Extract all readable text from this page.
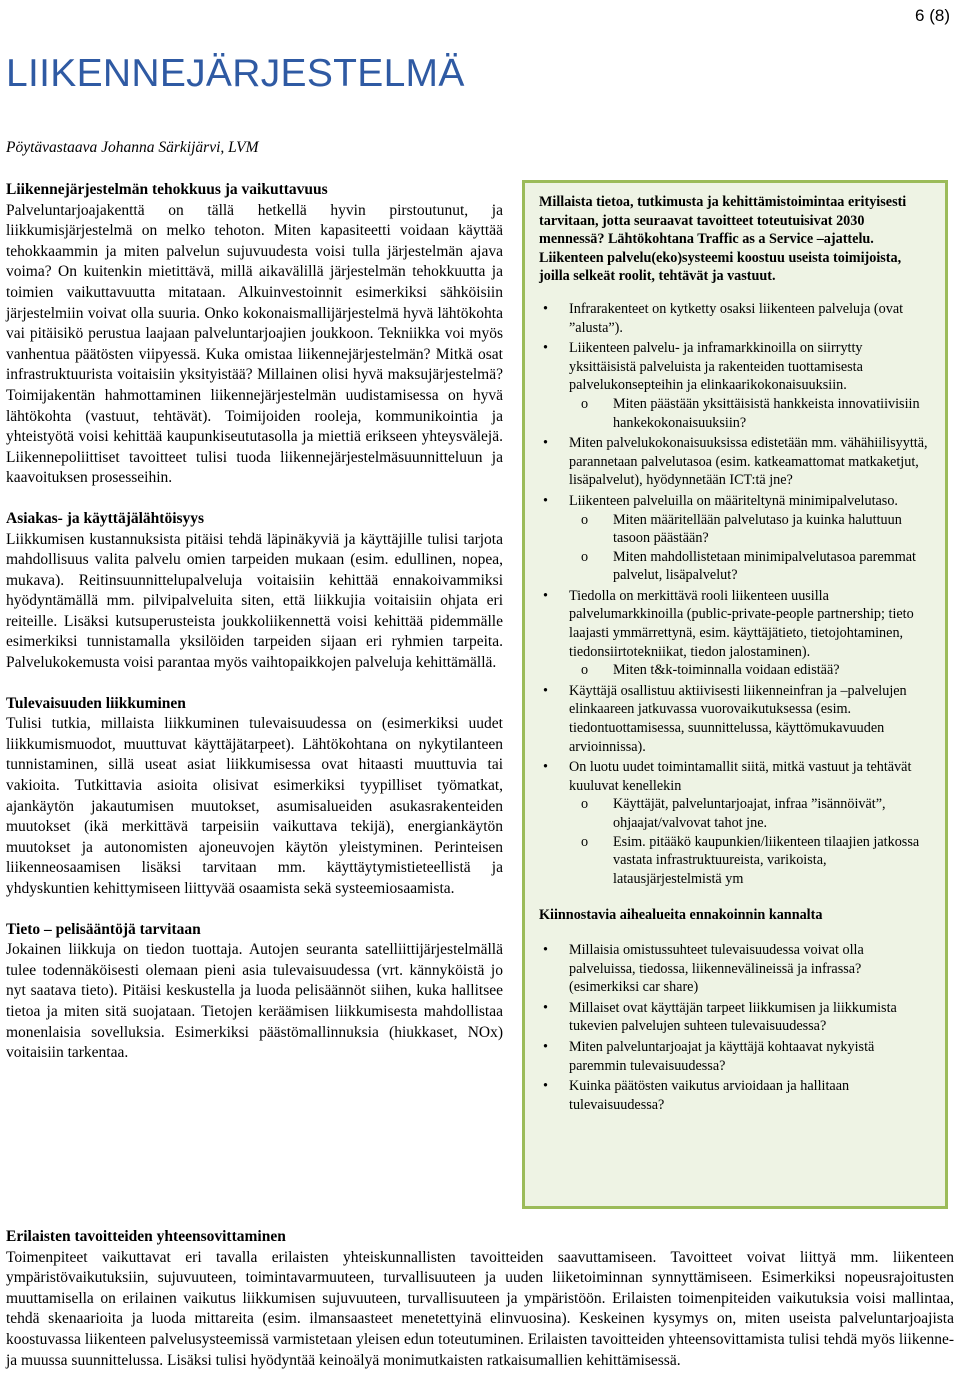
6 (8)
LIIKENNEJÄRJESTELMÄ
Pöytävastaava Johanna Särkijärvi, LVM
Liikennejärjestelmän tehokkuus ja vaikuttavuus

Palveluntarjoajakenttä on tällä hetkellä hyvin pirstoutunut, ja liikkumisjärjestelmä on melko tehoton. Miten kapasiteetti voidaan käyttää tehokkaammin ja miten palvelun sujuvuudesta voisi tulla järjestelmän ajava voima? On kuitenkin mietittävä, millä aikavälillä järjestelmän tehokkuutta ja toimien vaikuttavuutta mitataan. Alkuinvestoinnit esimerkiksi sähköisiin järjestelmiin voivat olla suuria. Onko kokonaismallijärjestelmä hyvä lähtökohta vai pitäisikö perustua laajaan palveluntarjoajien joukkoon. Tekniikka voi myös vanhentua päätösten viipyessä. Kuka omistaa liikennejärjestelmän? Mitkä osat infrastruktuurista voitaisiin yksityistää? Millainen olisi hyvä maksujärjestelmä? Toimijakentän hahmottaminen liikennejärjestelmän uudistamisessa on hyvä lähtökohta (vastuut, tehtävät). Toimijoiden rooleja, kommunikointia ja yhteistyötä voisi kehittää kaupunkiseututasolla ja miettiä erikseen yhteysvälejä. Liikennepoliittiset tavoitteet tulisi tuoda liikennejärjestelmäsuunnitteluun ja kaavoituksen prosesseihin.

Asiakas- ja käyttäjälähtöisyys

Liikkumisen kustannuksista pitäisi tehdä läpinäkyviä ja käyttäjille tulisi tarjota mahdollisuus valita palvelu omien tarpeiden mukaan (esim. edullinen, nopea, mukava). Reitinsuunnittelupalveluja voitaisiin kehittää ennakoivammiksi hyödyntämällä mm. pilvipalveluita siten, että liikkujia voitaisiin ohjata eri reiteille. Lisäksi kutsuperusteista joukkoliikennettä voisi kehittää pidemmälle esimerkiksi tunnistamalla yksilöiden tarpeiden sijaan eri ryhmien tarpeita. Palvelukokemusta voisi parantaa myös vaihtopaikkojen palveluja kehittämällä.

Tulevaisuuden liikkuminen

Tulisi tutkia, millaista liikkuminen tulevaisuudessa on (esimerkiksi uudet liikkumismuodot, muuttuvat käyttäjätarpeet). Lähtökohtana on nykytilanteen tunnistaminen, sillä useat asiat liikkumisessa ovat hitaasti muuttuvia tai vakioita. Tutkittavia asioita olisivat esimerkiksi tyypilliset työmatkat, ajankäytön jakautumisen muutokset, asumisalueiden asukasrakenteiden muutokset (ikä merkittävä tarpeisiin vaikuttava tekijä), energiankäytön muutokset ja autonomisten ajoneuvojen käytön yleistyminen. Perinteisen liikenneosaamisen lisäksi tarvitaan mm. käyttäytymistieteellistä ja yhdyskuntien kehittymiseen liittyvää osaamista sekä systeemiosaamista.

Tieto – pelisääntöjä tarvitaan

Jokainen liikkuja on tiedon tuottaja. Autojen seuranta satelliittijärjestelmällä tulee todennäköisesti olemaan pieni asia tulevaisuudessa (vrt. kännyköistä jo nyt saatava tieto). Pitäisi keskustella ja luoda pelisäännöt siihen, kuka hallitsee tietoa ja miten sitä suojataan. Tietojen keräämisen liikkumisesta mahdollistaa monenlaisia sovelluksia. Esimerkiksi päästömallinnuksia (hiukkaset, NOx) voitaisiin tarkentaa.

Millaista tietoa, tutkimusta ja kehittämistoimintaa erityisesti tarvitaan, jotta seuraavat tavoitteet toteutuisivat 2030 mennessä? Lähtökohtana Traffic as a Service –ajattelu. Liikenteen palvelu(eko)systeemi koostuu useista toimijoista, joilla selkeät roolit, tehtävät ja vastuut.

• Infrarakenteet on kytketty osaksi liikenteen palveluja (ovat ”alusta”).
• Liikenteen palvelu- ja inframarkkinoilla on siirrytty yksittäisistä palveluista ja rakenteiden tuottamisesta palvelukonsepteihin ja elinkaarikokonaisuuksiin.
o Miten päästään yksittäisistä hankkeista innovatiivisiin hankekokonaisuuksiin?
• Miten palvelukokonaisuuksissa edistetään mm. vähähiilisyyttä, parannetaan palvelutasoa (esim. katkeamattomat matkaketjut, lisäpalvelut), hyödynnetään ICT:tä jne?
• Liikenteen palveluilla on määriteltynä minimipalvelutaso.
o Miten määritellään palvelutaso ja kuinka haluttuun tasoon päästään?
o Miten mahdollistetaan minimipalvelutasoa paremmat palvelut, lisäpalvelut?
• Tiedolla on merkittävä rooli liikenteen uusilla palvelumarkkinoilla (public-private-people partnership; tieto laajasti ymmärrettynä, esim. käyttäjätieto, tietojohtaminen, tiedonsiirtotekniikat, tiedon jalostaminen).
o Miten t&k-toiminnalla voidaan edistää?
• Käyttäjä osallistuu aktiivisesti liikenneinfran ja –palvelujen elinkaareen jatkuvassa vuorovaikutuksessa (esim. tiedontuottamisessa, suunnittelussa, käyttömukavuuden arvioinnissa).
• On luotu uudet toimintamallit siitä, mitkä vastuut ja tehtävät kuuluvat kenellekin
o Käyttäjät, palveluntarjoajat, infraa ”isännöivät”, ohjaajat/valvovat tahot jne.
o Esim. pitääkö kaupunkien/liikenteen tilaajien jatkossa vastata infrastruktuureista, varikoista, latausjärjestelmistä ym

Kiinnostavia aihealueita ennakoinnin kannalta

• Millaisia omistussuhteet tulevaisuudessa voivat olla palveluissa, tiedossa, liikennevälineissä ja infrassa? (esimerkiksi car share)
• Millaiset ovat käyttäjän tarpeet liikkumisen ja liikkumista tukevien palvelujen suhteen tulevaisuudessa?
• Miten palveluntarjoajat ja käyttäjä kohtaavat nykyistä paremmin tulevaisuudessa?
• Kuinka päätösten vaikutus arvioidaan ja hallitaan tulevaisuudessa?
Erilaisten tavoitteiden yhteensovittaminen

Toimenpiteet vaikuttavat eri tavalla erilaisten yhteiskunnallisten tavoitteiden saavuttamiseen. Tavoitteet voivat liittyä mm. liikenteen ympäristövaikutuksiin, sujuvuuteen, toimintavarmuuteen, turvallisuuteen ja uuden liiketoiminnan synnyttämiseen. Esimerkiksi nopeusrajoitusten muuttamisella on erilainen vaikutus liikkumisen sujuvuuteen, turvallisuuteen ja ympäristöön. Erilaisten toimenpiteiden vaikutuksia voisi mallintaa, tehdä skenaarioita ja luoda mittareita (esim. ilmansaasteet menetettyinä elinvuosina). Keskeinen kysymys on, miten useista palveluntarjoajista koostuvassa liikenteen palvelusysteemissä varmistetaan yleisen edun toteutuminen. Erilaisten tavoitteiden yhteensovittamista tulisi tehdä myös liikenne- ja muussa suunnittelussa. Lisäksi tulisi hyödyntää keinoälyä monimutkaisten ratkaisumallien kehittämisessä.
